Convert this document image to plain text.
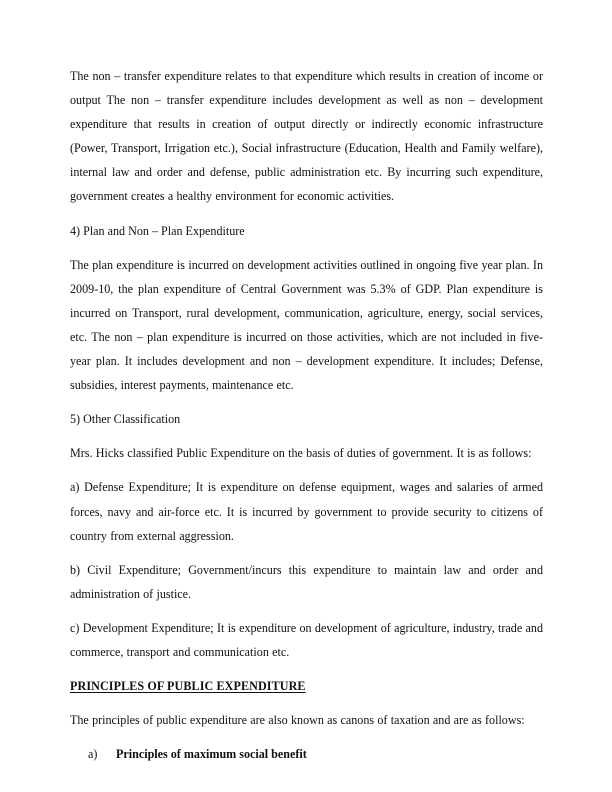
The non – transfer expenditure relates to that expenditure which results in creation of income or output The non – transfer expenditure includes development as well as non – development expenditure that results in creation of output directly or indirectly economic infrastructure (Power, Transport, Irrigation etc.), Social infrastructure (Education, Health and Family welfare), internal law and order and defense, public administration etc. By incurring such expenditure, government creates a healthy environment for economic activities.

4) Plan and Non – Plan Expenditure

The plan expenditure is incurred on development activities outlined in ongoing five year plan. In 2009-10, the plan expenditure of Central Government was 5.3% of GDP. Plan expenditure is incurred on Transport, rural development, communication, agriculture, energy, social services, etc. The non – plan expenditure is incurred on those activities, which are not included in five-year plan. It includes development and non – development expenditure. It includes; Defense, subsidies, interest payments, maintenance etc.

5) Other Classification

Mrs. Hicks classified Public Expenditure on the basis of duties of government. It is as follows:

a) Defense Expenditure; It is expenditure on defense equipment, wages and salaries of armed forces, navy and air-force etc. It is incurred by government to provide security to citizens of country from external aggression.

b) Civil Expenditure; Government/incurs this expenditure to maintain law and order and administration of justice.

c) Development Expenditure; It is expenditure on development of agriculture, industry, trade and commerce, transport and communication etc.

PRINCIPLES OF PUBLIC EXPENDITURE

The principles of public expenditure are also known as canons of taxation and are as follows:

a)	Principles of maximum social benefit
